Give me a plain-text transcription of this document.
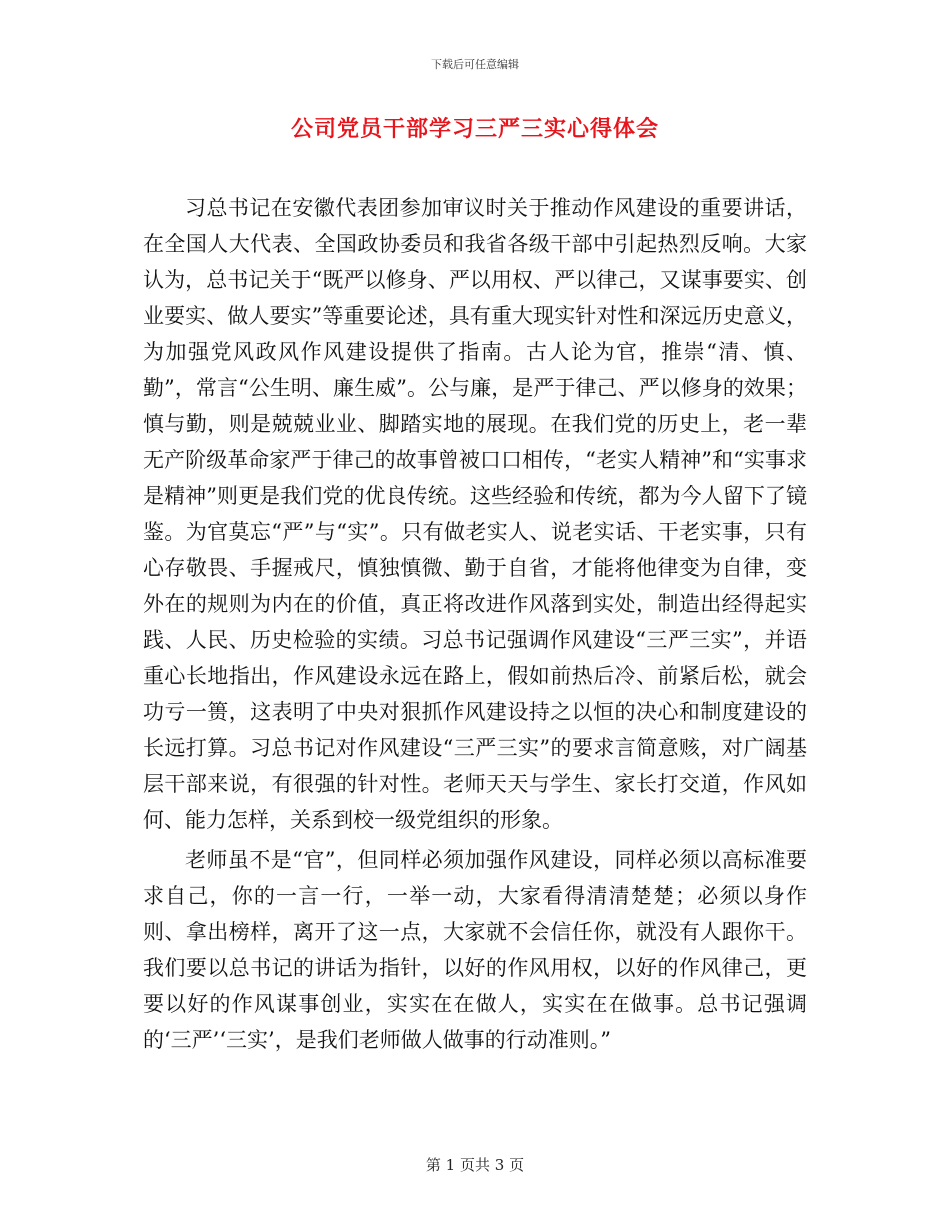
下载后可任意编辑
公司党员干部学习三严三实心得体会

习总书记在安徽代表团参加审议时关于推动作风建设的重要讲话，在全国人大代表、全国政协委员和我省各级干部中引起热烈反响。大家认为，总书记关于“既严以修身、严以用权、严以律己，又谋事要实、创业要实、做人要实”等重要论述，具有重大现实针对性和深远历史意义，为加强党风政风作风建设提供了指南。古人论为官，推崇“清、慎、勤”，常言“公生明、廉生威”。公与廉，是严于律己、严以修身的效果；慎与勤，则是兢兢业业、脚踏实地的展现。在我们党的历史上，老一辈无产阶级革命家严于律己的故事曾被口口相传，“老实人精神”和“实事求是精神”则更是我们党的优良传统。这些经验和传统，都为今人留下了镜鉴。为官莫忘“严”与“实”。只有做老实人、说老实话、干老实事，只有心存敬畏、手握戒尺，慎独慎微、勤于自省，才能将他律变为自律，变外在的规则为内在的价值，真正将改进作风落到实处，制造出经得起实践、人民、历史检验的实绩。习总书记强调作风建设“三严三实”，并语重心长地指出，作风建设永远在路上，假如前热后冷、前紧后松，就会功亏一篑，这表明了中央对狠抓作风建设持之以恒的决心和制度建设的长远打算。习总书记对作风建设“三严三实”的要求言简意赅，对广阔基层干部来说，有很强的针对性。老师天天与学生、家长打交道，作风如何、能力怎样，关系到校一级党组织的形象。

老师虽不是“官”，但同样必须加强作风建设，同样必须以高标准要求自己，你的一言一行，一举一动，大家看得清清楚楚；必须以身作则、拿出榜样，离开了这一点，大家就不会信任你，就没有人跟你干。我们要以总书记的讲话为指针，以好的作风用权，以好的作风律己，更要以好的作风谋事创业，实实在在做人，实实在在做事。总书记强调的‘三严’‘三实’，是我们老师做人做事的行动准则。”

第 1 页共 3 页
